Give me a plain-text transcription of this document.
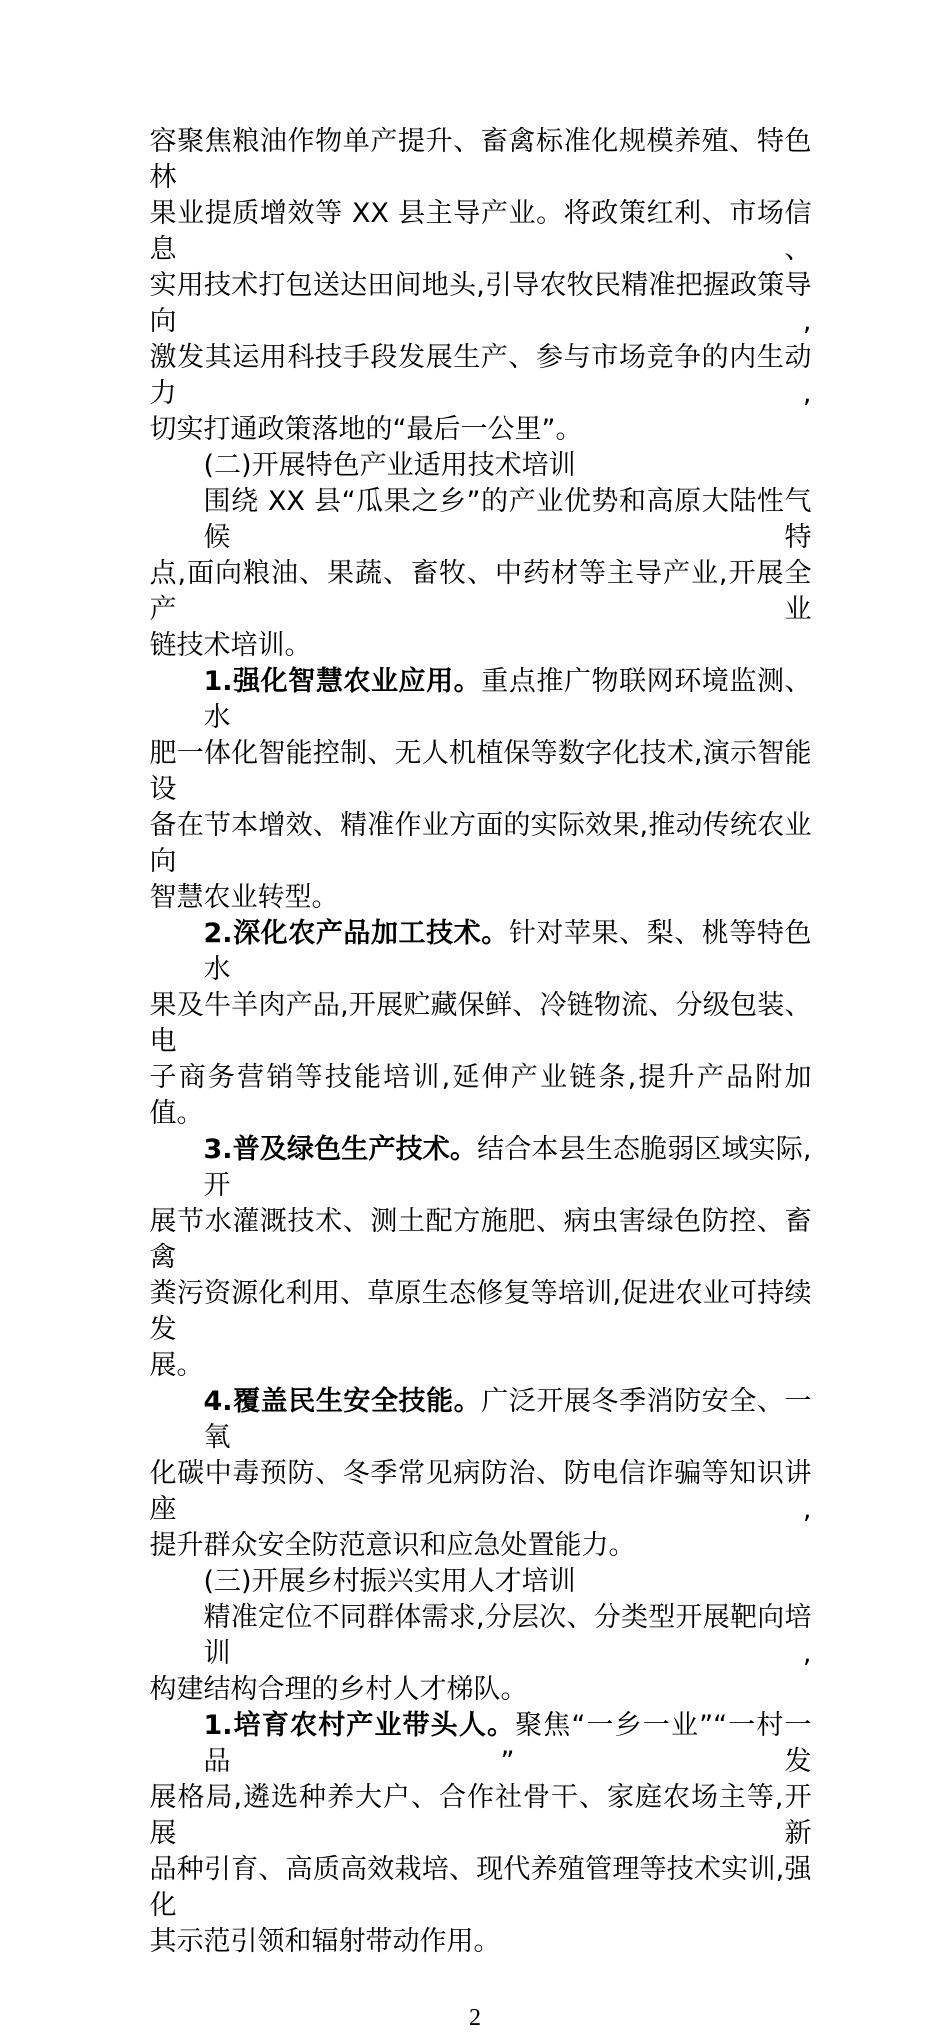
容聚焦粮油作物单产提升、畜禽标准化规模养殖、特色林
果业提质增效等 XX 县主导产业。将政策红利、市场信息、
实用技术打包送达田间地头,引导农牧民精准把握政策导向,
激发其运用科技手段发展生产、参与市场竞争的内生动力,
切实打通政策落地的“最后一公里”。
(二)开展特色产业适用技术培训
围绕 XX 县“瓜果之乡”的产业优势和高原大陆性气候特
点,面向粮油、果蔬、畜牧、中药材等主导产业,开展全产业
链技术培训。
1.强化智慧农业应用。重点推广物联网环境监测、水
肥一体化智能控制、无人机植保等数字化技术,演示智能设
备在节本增效、精准作业方面的实际效果,推动传统农业向
智慧农业转型。
2.深化农产品加工技术。针对苹果、梨、桃等特色水
果及牛羊肉产品,开展贮藏保鲜、冷链物流、分级包装、电
子商务营销等技能培训,延伸产业链条,提升产品附加值。
3.普及绿色生产技术。结合本县生态脆弱区域实际,开
展节水灌溉技术、测土配方施肥、病虫害绿色防控、畜禽
粪污资源化利用、草原生态修复等培训,促进农业可持续发
展。
4.覆盖民生安全技能。广泛开展冬季消防安全、一氧
化碳中毒预防、冬季常见病防治、防电信诈骗等知识讲座,
提升群众安全防范意识和应急处置能力。
(三)开展乡村振兴实用人才培训
精准定位不同群体需求,分层次、分类型开展靶向培训,
构建结构合理的乡村人才梯队。
1.培育农村产业带头人。聚焦“一乡一业”“一村一品”发
展格局,遴选种养大户、合作社骨干、家庭农场主等,开展新
品种引育、高质高效栽培、现代养殖管理等技术实训,强化
其示范引领和辐射带动作用。
2
